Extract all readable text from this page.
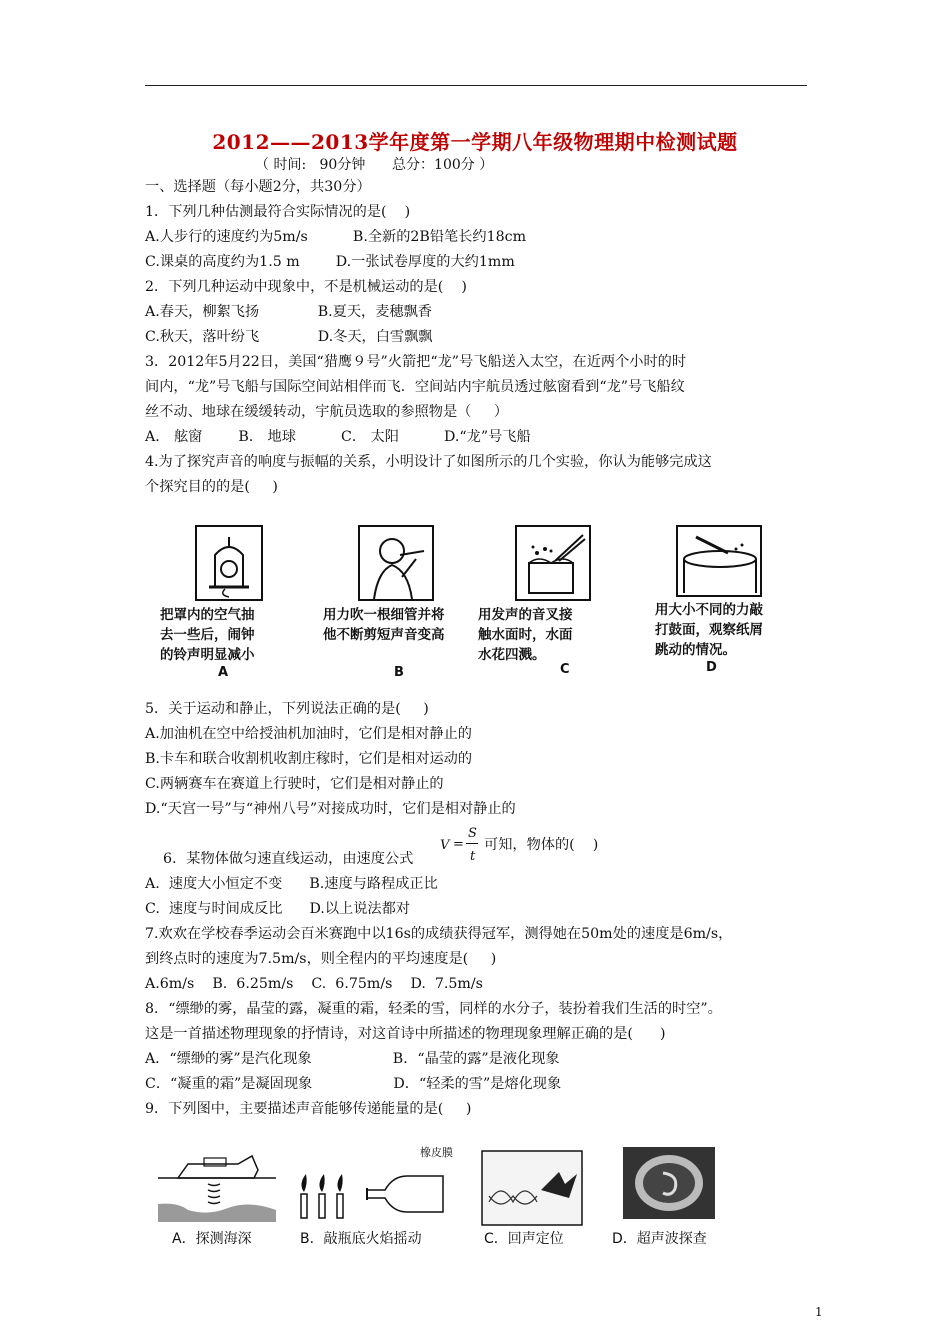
2012——2013学年度第一学期八年级物理期中检测试题
（ 时间:   90分钟      总分：100分 ）
一、选择题（每小题2分，共30分）
1．下列几种估测最符合实际情况的是(    )
A.人步行的速度约为5m/s          B.全新的2B铅笔长约18cm
C.课桌的高度约为1.5 m        D.一张试卷厚度的大约1mm
2．下列几种运动中现象中，不是机械运动的是(    )
A.春天，柳絮飞扬             B.夏天，麦穗飘香
C.秋天，落叶纷飞             D.冬天，白雪飘飘
3．2012年5月22日，美国“猎鹰９号”火箭把“龙”号飞船送入太空，在近两个小时的时
间内，“龙”号飞船与国际空间站相伴而飞．空间站内宇航员透过舷窗看到“龙”号飞船纹
丝不动、地球在缓缓转动，宇航员选取的参照物是（     ）
A． 舷窗        B． 地球          C． 太阳          D.“龙”号飞船
4.为了探究声音的响度与振幅的关系，小明设计了如图所示的几个实验，你认为能够完成这
个探究目的的是(     )
把罩内的空气抽
去一些后，闹钟
的铃声明显减小
A
用力吹一根细管并将
他不断剪短声音变高
B
用发声的音叉接
触水面时，水面
水花四溅。
C
用大小不同的力敲
打鼓面，观察纸屑
跳动的情况。
D
5．关于运动和静止，下列说法正确的是(     )
A.加油机在空中给授油机加油时，它们是相对静止的
B.卡车和联合收割机收割庄稼时，它们是相对运动的
C.两辆赛车在赛道上行驶时，它们是相对静止的
D.“天宫一号”与“神州八号”对接成功时，它们是相对静止的

6．某物体做匀速直线运动，由速度公式

V =
S
t
可知，物体的(    )
A.  速度大小恒定不变      B.速度与路程成正比
C.  速度与时间成反比      D.以上说法都对
7.欢欢在学校春季运动会百米赛跑中以16s的成绩获得冠军，测得她在50m处的速度是6m/s，
到终点时的速度为7.5m/s，则全程内的平均速度是(     )
A.6m/s    B.  6.25m/s    C.  6.75m/s    D.  7.5m/s
8．“缥缈的雾，晶莹的露，凝重的霜，轻柔的雪，同样的水分子，装扮着我们生活的时空”。
这是一首描述物理现象的抒情诗，对这首诗中所描述的物理现象理解正确的是(      )
A．“缥缈的雾”是汽化现象                  B．“晶莹的露”是液化现象
C．“凝重的霜”是凝固现象                  D．“轻柔的雪”是熔化现象
9．下列图中，主要描述声音能够传递能量的是(     )
橡皮膜
A．探测海深	B．敲瓶底火焰摇动	C．回声定位	D．超声波探查
1
